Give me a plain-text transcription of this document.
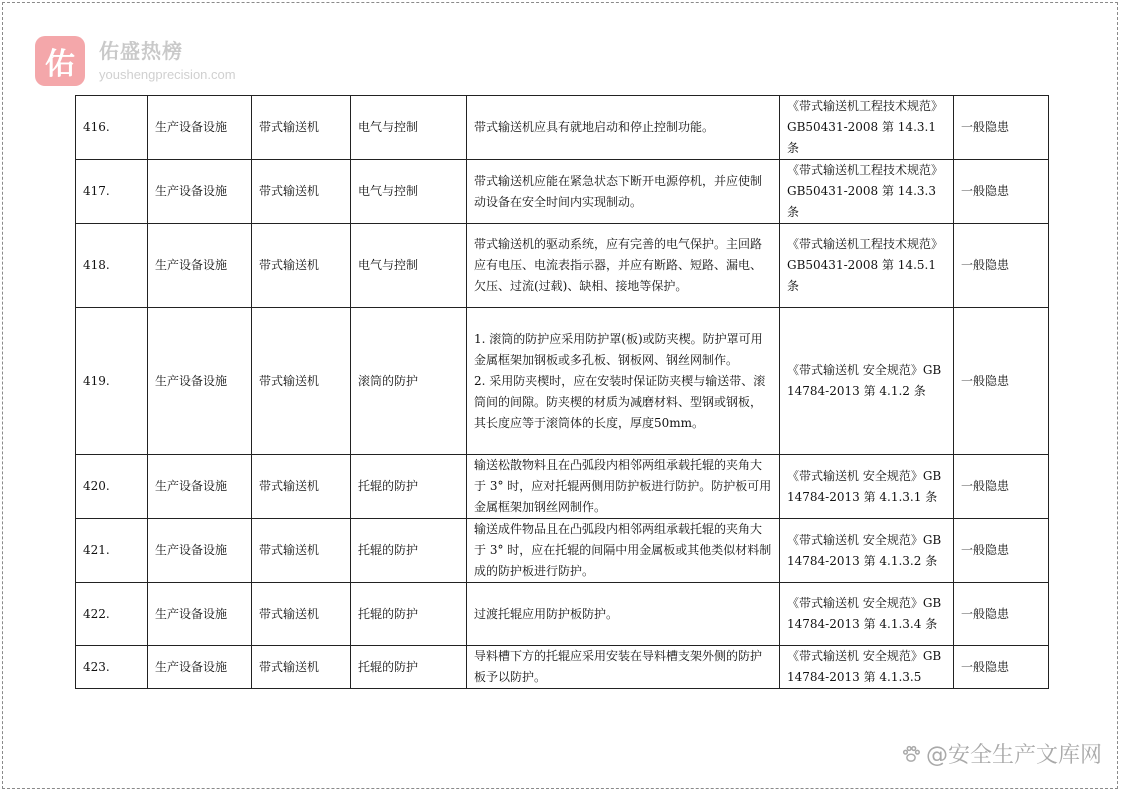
佑	佑盛热榜
youshengprecision.com
416.	生产设备设施	带式输送机	电气与控制	带式输送机应具有就地启动和停止控制功能。	《带式输送机工程技术规范》GB50431-2008 第 14.3.1 条	一般隐患
417.	生产设备设施	带式输送机	电气与控制	带式输送机应能在紧急状态下断开电源停机，并应使制动设备在安全时间内实现制动。	《带式输送机工程技术规范》GB50431-2008 第 14.3.3 条	一般隐患
418.	生产设备设施	带式输送机	电气与控制	带式输送机的驱动系统，应有完善的电气保护。主回路应有电压、电流表指示器，并应有断路、短路、漏电、欠压、过流(过载)、缺相、接地等保护。	《带式输送机工程技术规范》GB50431-2008 第 14.5.1 条	一般隐患
419.	生产设备设施	带式输送机	滚筒的防护	1. 滚筒的防护应采用防护罩(板)或防夹楔。防护罩可用金属框架加钢板或多孔板、钢板网、钢丝网制作。
2. 采用防夹楔时，应在安装时保证防夹楔与输送带、滚筒间的间隙。防夹楔的材质为减磨材料、型钢或钢板，其长度应等于滚筒体的长度，厚度50mm。	《带式输送机 安全规范》GB14784-2013 第 4.1.2 条	一般隐患
420.	生产设备设施	带式输送机	托辊的防护	输送松散物料且在凸弧段内相邻两组承载托辊的夹角大于 3° 时，应对托辊两侧用防护板进行防护。防护板可用金属框架加钢丝网制作。	《带式输送机 安全规范》GB14784-2013 第 4.1.3.1 条	一般隐患
421.	生产设备设施	带式输送机	托辊的防护	输送成件物品且在凸弧段内相邻两组承载托辊的夹角大于 3° 时，应在托辊的间隔中用金属板或其他类似材料制成的防护板进行防护。	《带式输送机 安全规范》GB14784-2013 第 4.1.3.2 条	一般隐患
422.	生产设备设施	带式输送机	托辊的防护	过渡托辊应用防护板防护。	《带式输送机 安全规范》GB14784-2013 第 4.1.3.4 条	一般隐患
423.	生产设备设施	带式输送机	托辊的防护	导料槽下方的托辊应采用安装在导料槽支架外侧的防护板予以防护。	《带式输送机 安全规范》GB14784-2013 第 4.1.3.5	一般隐患
@安全生产文库网
